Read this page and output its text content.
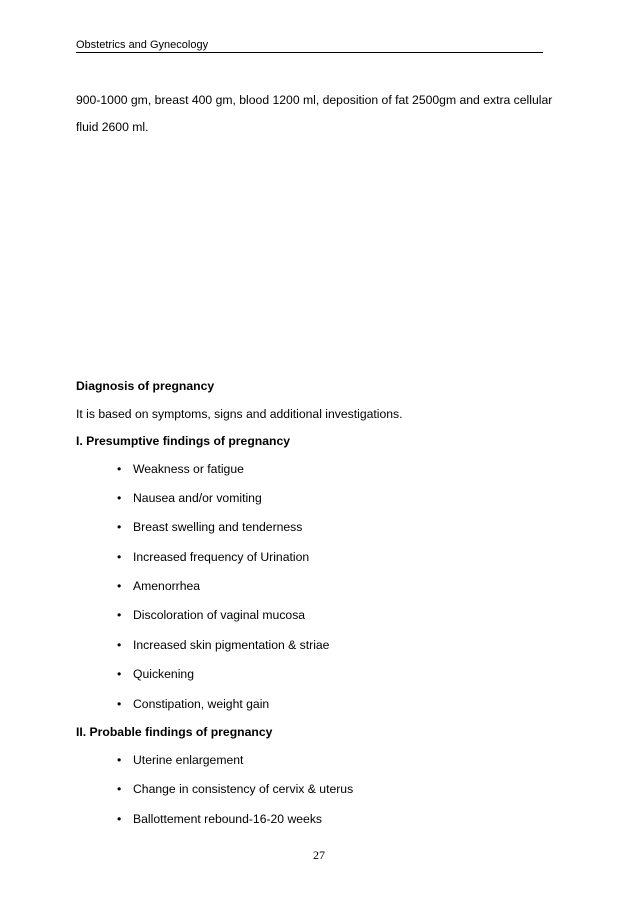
Obstetrics and Gynecology

900-1000 gm, breast 400 gm, blood 1200 ml, deposition of fat 2500gm and extra cellular fluid 2600 ml.

Diagnosis of pregnancy
It is based on symptoms, signs and additional investigations.
I. Presumptive findings of pregnancy
• Weakness or fatigue
• Nausea and/or vomiting
• Breast swelling and tenderness
• Increased frequency of Urination
• Amenorrhea
• Discoloration of vaginal mucosa
• Increased skin pigmentation & striae
• Quickening
• Constipation, weight gain
II. Probable findings of pregnancy
• Uterine enlargement
• Change in consistency of cervix & uterus
• Ballottement rebound-16-20 weeks
27
